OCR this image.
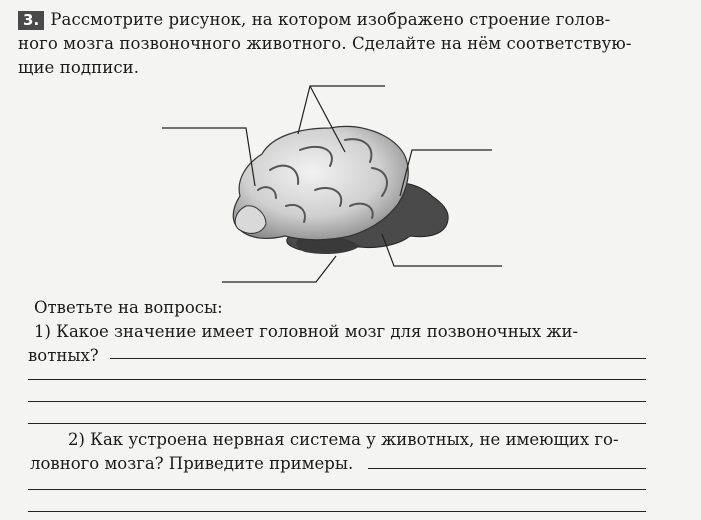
3. Рассмотрите рисунок, на котором изображено строение голов-
ного мозга позвоночного животного. Сделайте на нём соответствую-
щие подписи.
Ответьте на вопросы:
1) Какое значение имеет головной мозг для позвоночных жи-
вотных?
2) Как устроена нервная система у животных, не имеющих го-
ловного мозга? Приведите примеры.
